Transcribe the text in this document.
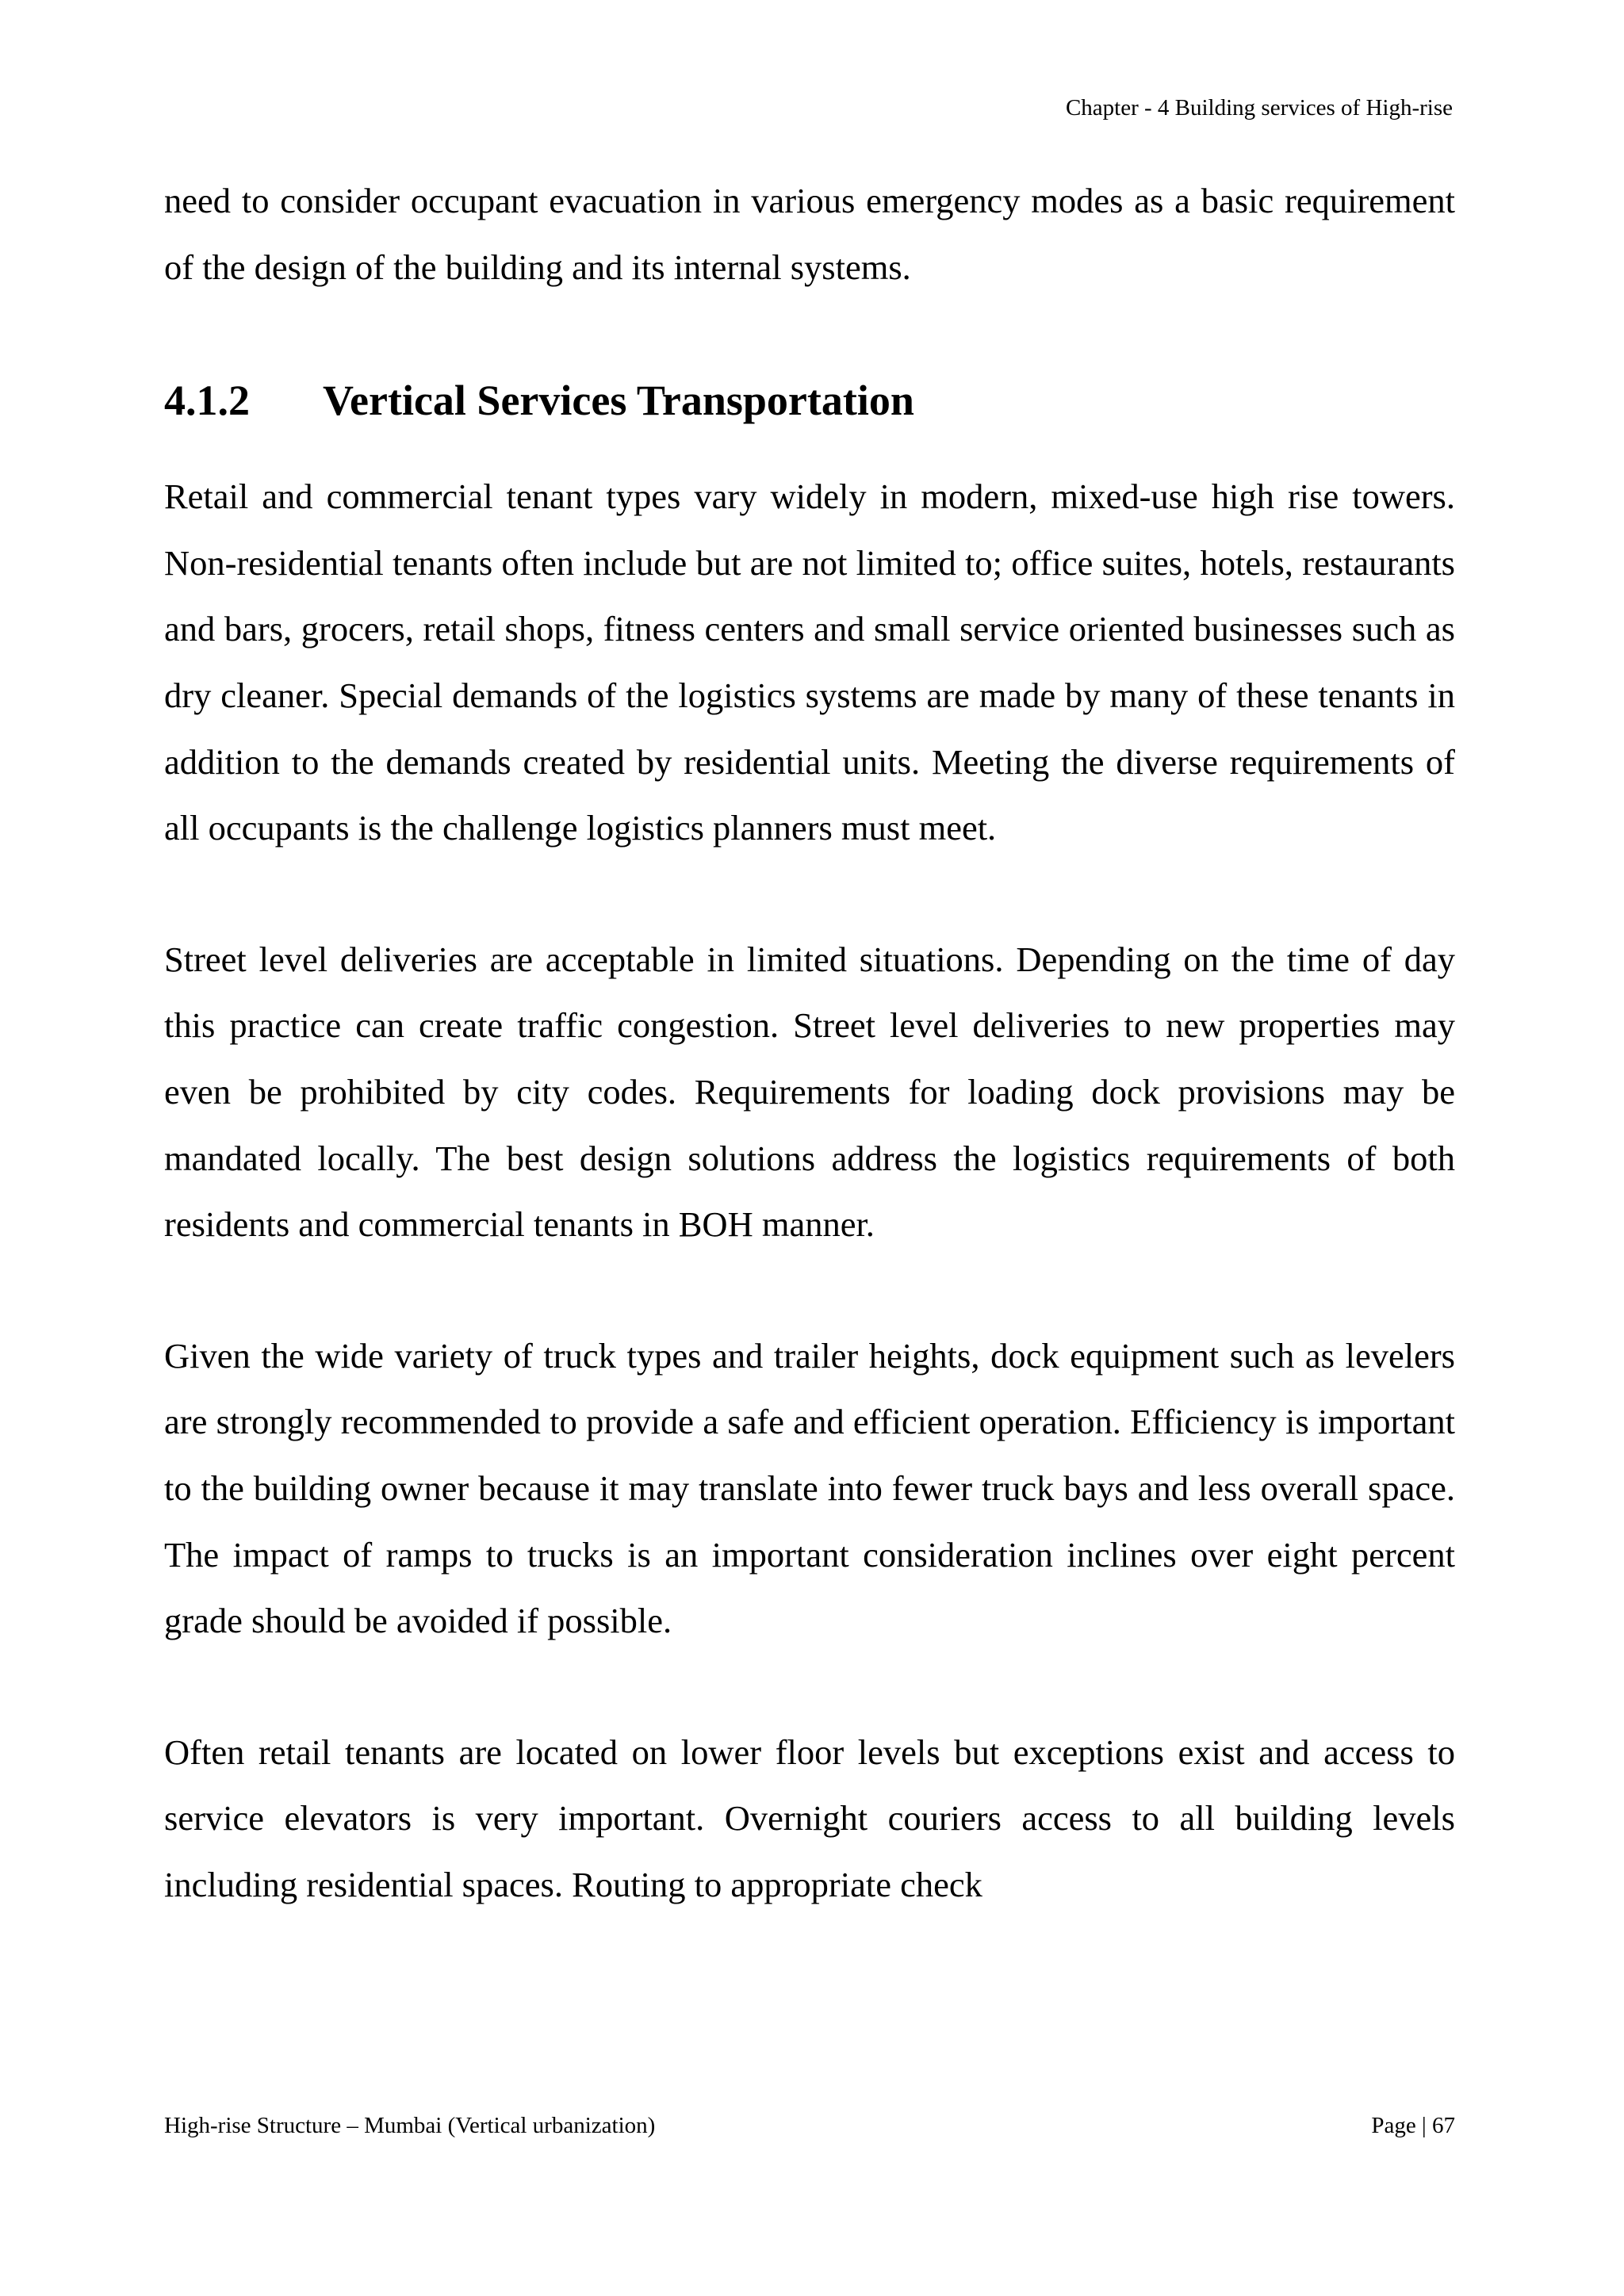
Chapter - 4 Building services of High-rise

need to consider occupant evacuation in various emergency modes as a basic requirement of the design of the building and its internal systems.

4.1.2 Vertical Services Transportation

Retail and commercial tenant types vary widely in modern, mixed-use high rise towers. Non-residential tenants often include but are not limited to; office suites, hotels, restaurants and bars, grocers, retail shops, fitness centers and small service oriented businesses such as dry cleaner. Special demands of the logistics systems are made by many of these tenants in addition to the demands created by residential units. Meeting the diverse requirements of all occupants is the challenge logistics planners must meet.

Street level deliveries are acceptable in limited situations. Depending on the time of day this practice can create traffic congestion. Street level deliveries to new properties may even be prohibited by city codes. Requirements for loading dock provisions may be mandated locally. The best design solutions address the logistics requirements of both residents and commercial tenants in BOH manner.

Given the wide variety of truck types and trailer heights, dock equipment such as levelers are strongly recommended to provide a safe and efficient operation. Efficiency is important to the building owner because it may translate into fewer truck bays and less overall space. The impact of ramps to trucks is an important consideration inclines over eight percent grade should be avoided if possible.

Often retail tenants are located on lower floor levels but exceptions exist and access to service elevators is very important. Overnight couriers access to all building levels including residential spaces. Routing to appropriate check

High-rise Structure – Mumbai (Vertical urbanization)	Page | 67
